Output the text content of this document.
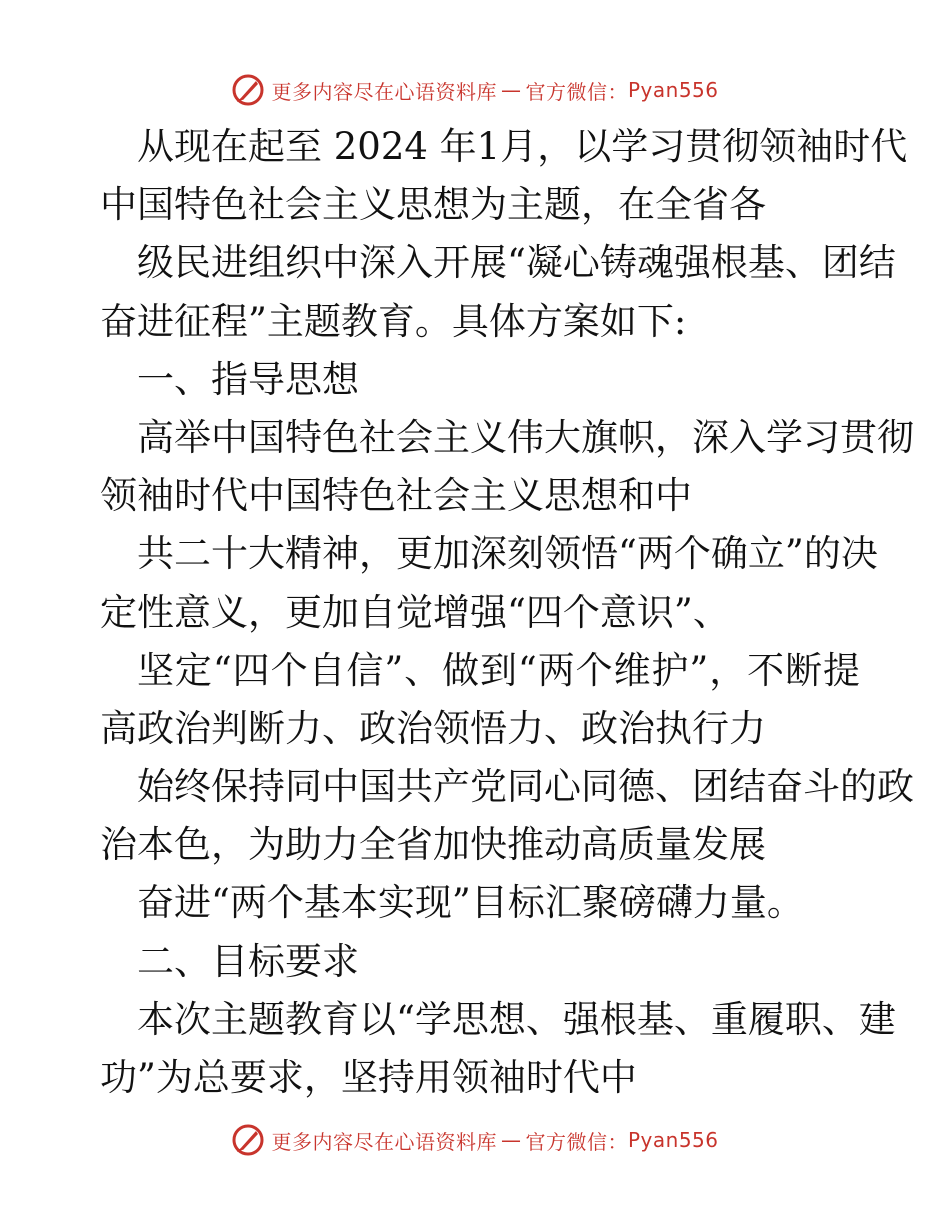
更多内容尽在心语资料库 — 官方微信： Pyan556
从现在起至 2024 年1月，以学习贯彻领袖时代
中国特色社会主义思想为主题，在全省各
级民进组织中深入开展“凝心铸魂强根基、团结
奋进征程”主题教育。具体方案如下:
一、指导思想
高举中国特色社会主义伟大旗帜，深入学习贯彻
领袖时代中国特色社会主义思想和中
共二十大精神，更加深刻领悟“两个确立”的决
定性意义，更加自觉增强“四个意识”、
坚定“四个自信”、做到“两个维护”，不断提
高政治判断力、政治领悟力、政治执行力
始终保持同中国共产党同心同德、团结奋斗的政
治本色，为助力全省加快推动高质量发展
奋进“两个基本实现”目标汇聚磅礴力量。
二、目标要求
本次主题教育以“学思想、强根基、重履职、建
功”为总要求，坚持用领袖时代中
更多内容尽在心语资料库 — 官方微信： Pyan556
